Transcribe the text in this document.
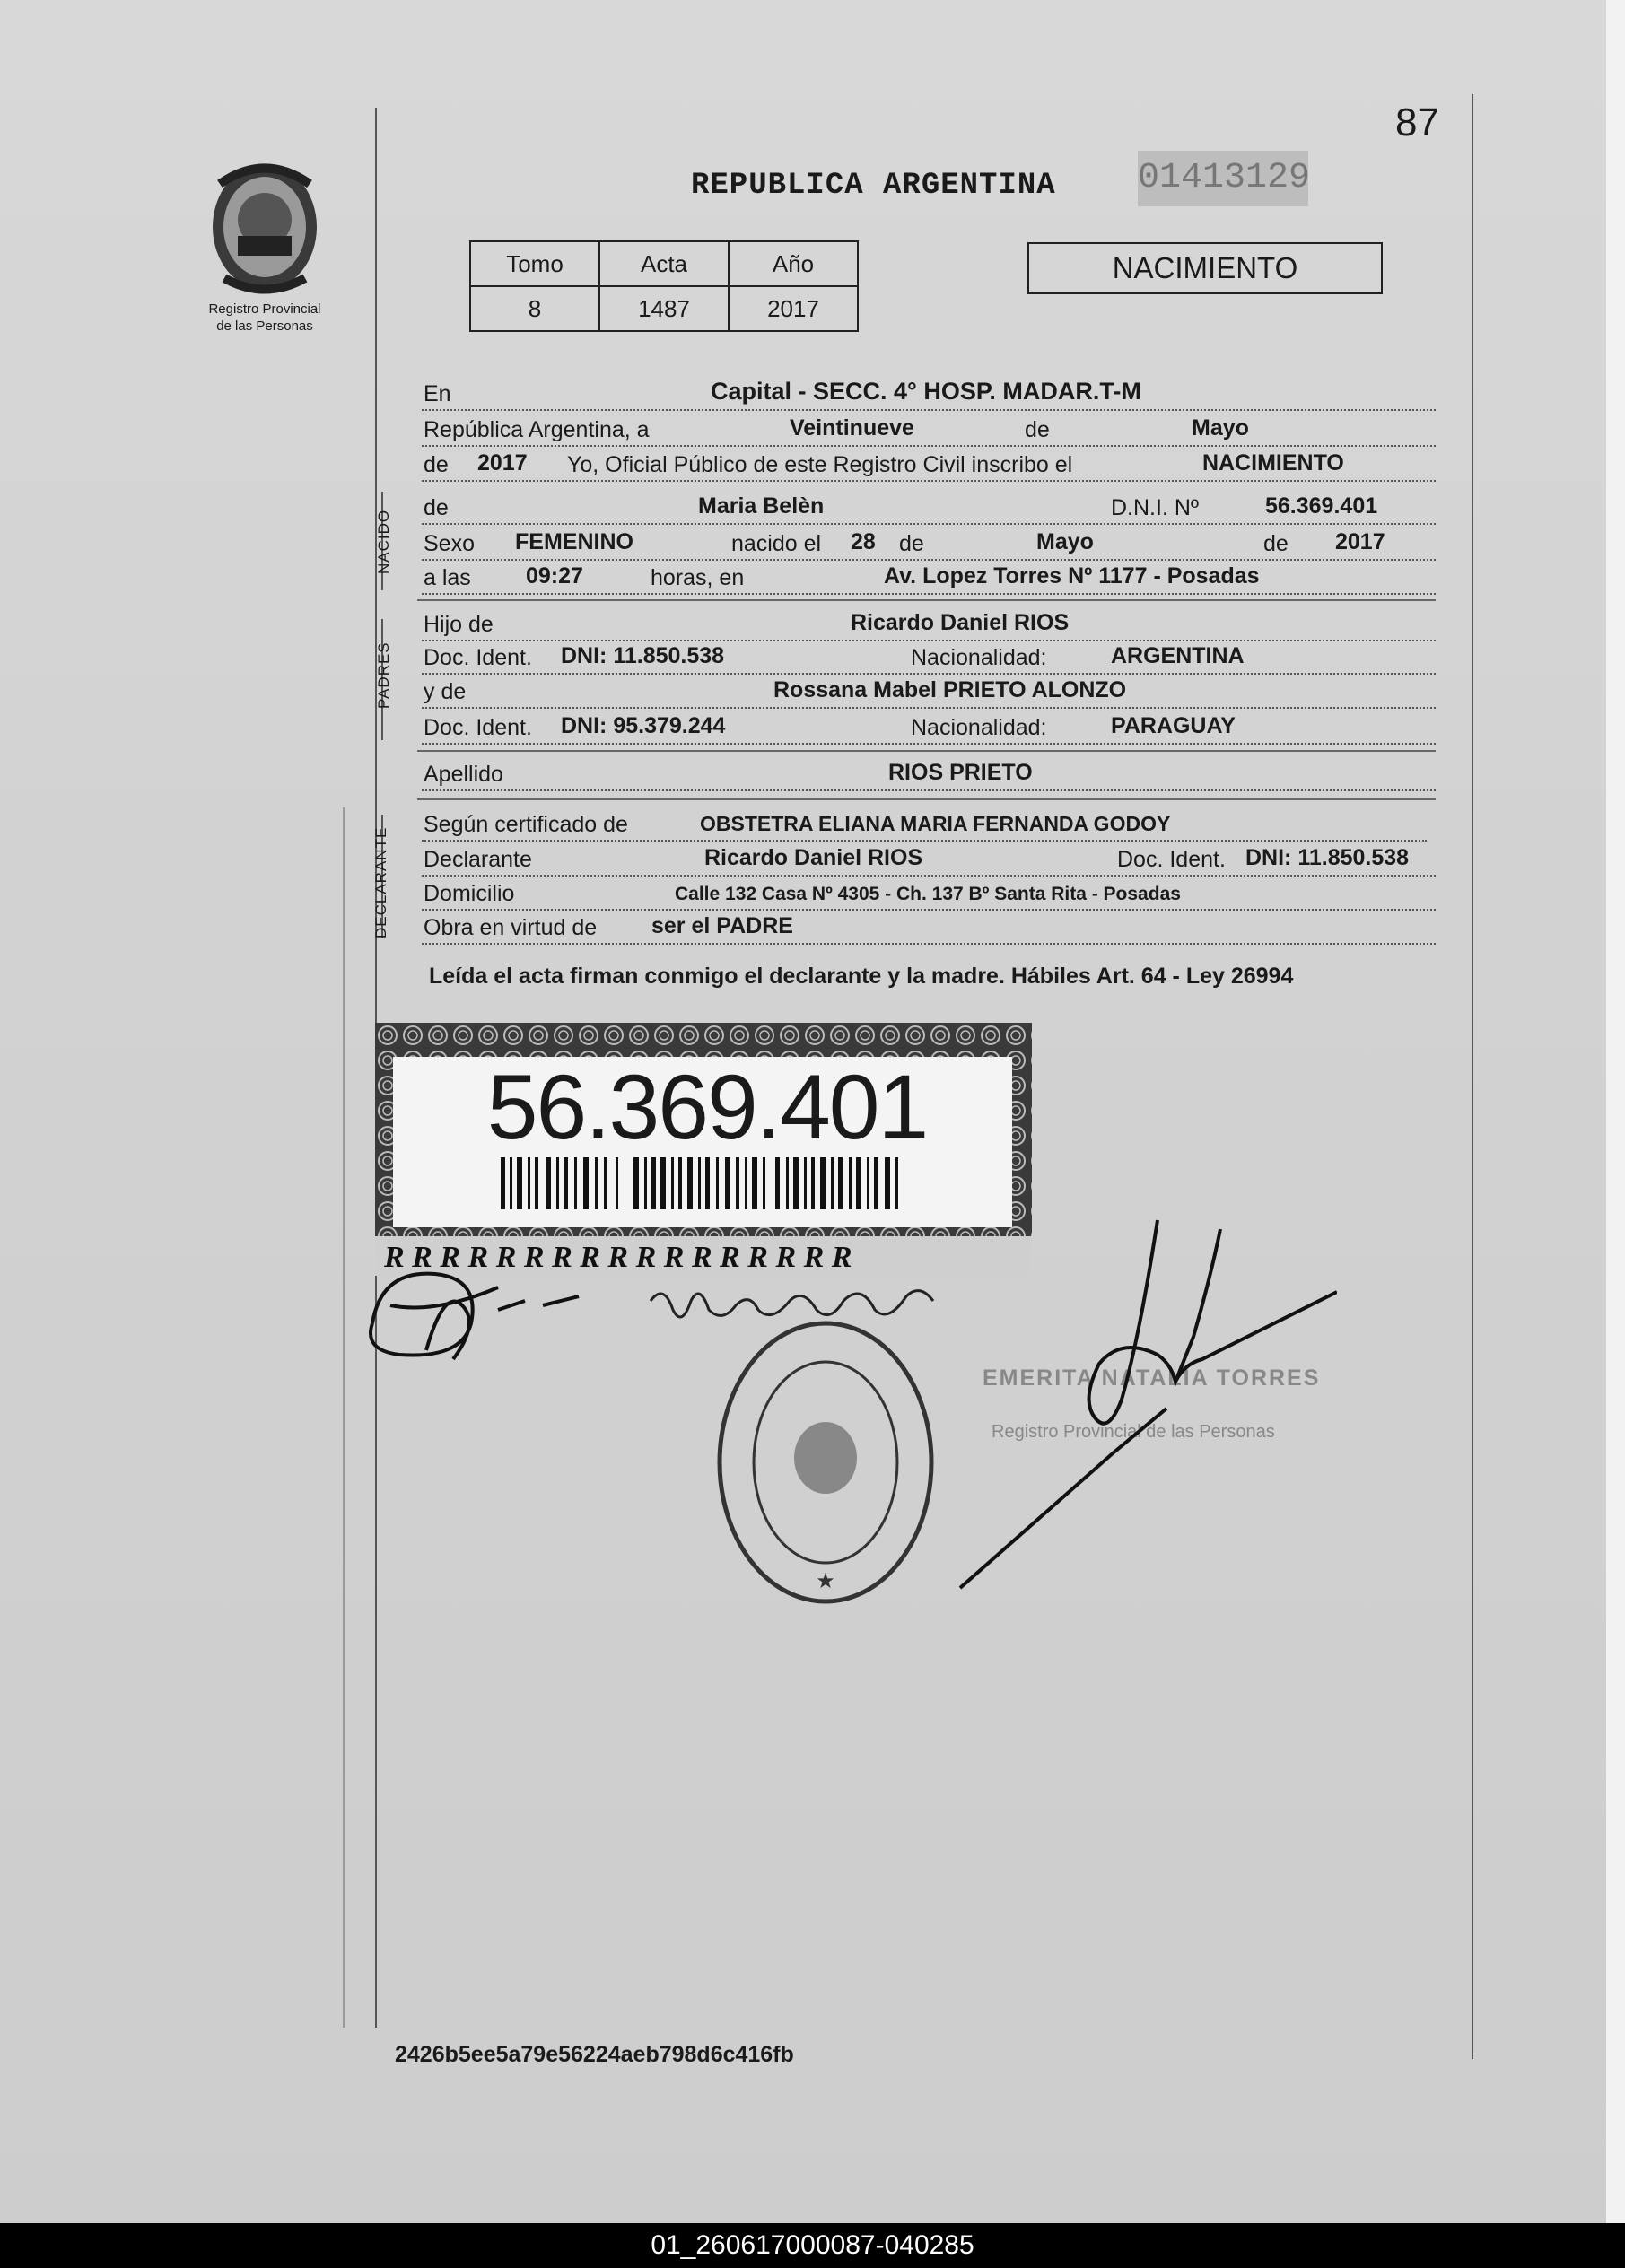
87
Registro Provincial
de las Personas
REPUBLICA ARGENTINA 01413129
Tomo	Acta	Año
8	1487	2017
NACIMIENTO
En	Capital - SECC. 4° HOSP. MADAR.T-M
República Argentina, a	Veintinueve	de	Mayo
de 2017 Yo, Oficial Público de este Registro Civil inscribo el	NACIMIENTO
NACIDO
de	Maria Belèn	D.N.I. Nº	56.369.401
Sexo FEMENINO	nacido el 28 de	Mayo	de 2017
a las 09:27	horas, en	Av. Lopez Torres Nº 1177 - Posadas
PADRES
Hijo de	Ricardo Daniel RIOS
Doc. Ident. DNI: 11.850.538	Nacionalidad:	ARGENTINA
y de	Rossana Mabel PRIETO ALONZO
Doc. Ident. DNI: 95.379.244	Nacionalidad:	PARAGUAY
Apellido	RIOS PRIETO
DECLARANTE
Según certificado de	OBSTETRA ELIANA MARIA FERNANDA GODOY
Declarante	Ricardo Daniel RIOS	Doc. Ident. DNI: 11.850.538
Domicilio	Calle 132 Casa Nº 4305 - Ch. 137 Bº Santa Rita - Posadas
Obra en virtud de ser el PADRE
Leída el acta firman conmigo el declarante y la madre. Hábiles Art. 64 - Ley 26994
R R R R R R R R R R R R R R R R R
56.369.401
★
EMERITA NATALIA TORRES
Registro Provincial de las Personas
2426b5ee5a79e56224aeb798d6c416fb
01_260617000087-040285
